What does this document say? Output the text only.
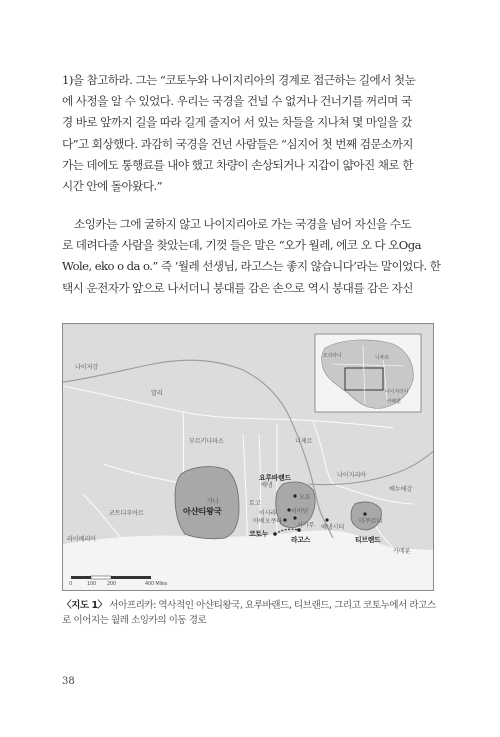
1)을 참고하라. 그는 “코토누와 나이지리아의 경계로 접근하는 길에서 첫눈
에 사정을 알 수 있었다. 우리는 국경을 건널 수 없거나 건너기를 꺼리며 국
경 바로 앞까지 길을 따라 길게 줄지어 서 있는 차들을 지나쳐 몇 마일을 갔
다”고 회상했다. 과감히 국경을 건넌 사람들은 “심지어 첫 번째 검문소까지
가는 데에도 통행료를 내야 했고 차량이 손상되거나 지갑이 얇아진 채로 한
시간 안에 돌아왔다.”
소잉카는 그에 굴하지 않고 나이지리아로 가는 국경을 넘어 자신을 수도
로 데려다줄 사람을 찾았는데, 기껏 들은 말은 “오가 월레, 에코 오 다 오Oga
Wole, eko o da o.” 즉 ‘월레 선생님, 라고스는 좋지 않습니다’라는 말이었다. 한
택시 운전자가 앞으로 나서더니 붕대를 감은 손으로 역시 붕대를 감은 자신
나이저강
말리
부르키나파소	니제르
코트디부아르
가나	토고
베냉
나이지리아
라이베리아
카메룬
베누에강
아샨티왕국
요루바랜드
오요
이바단
아베오쿠타
사가무
코토누
라고스
이사라
베냉시티
티브랜드
마쿠르디
모리타니	니제르
나이지리아
카메룬
0	100 200	400 Miles
〈지도 1〉 서아프리카: 역사적인 아샨티왕국, 요루바랜드, 티브랜드, 그리고 코토누에서 라고스로 이어지는 월레 소잉카의 이동 경로
38
